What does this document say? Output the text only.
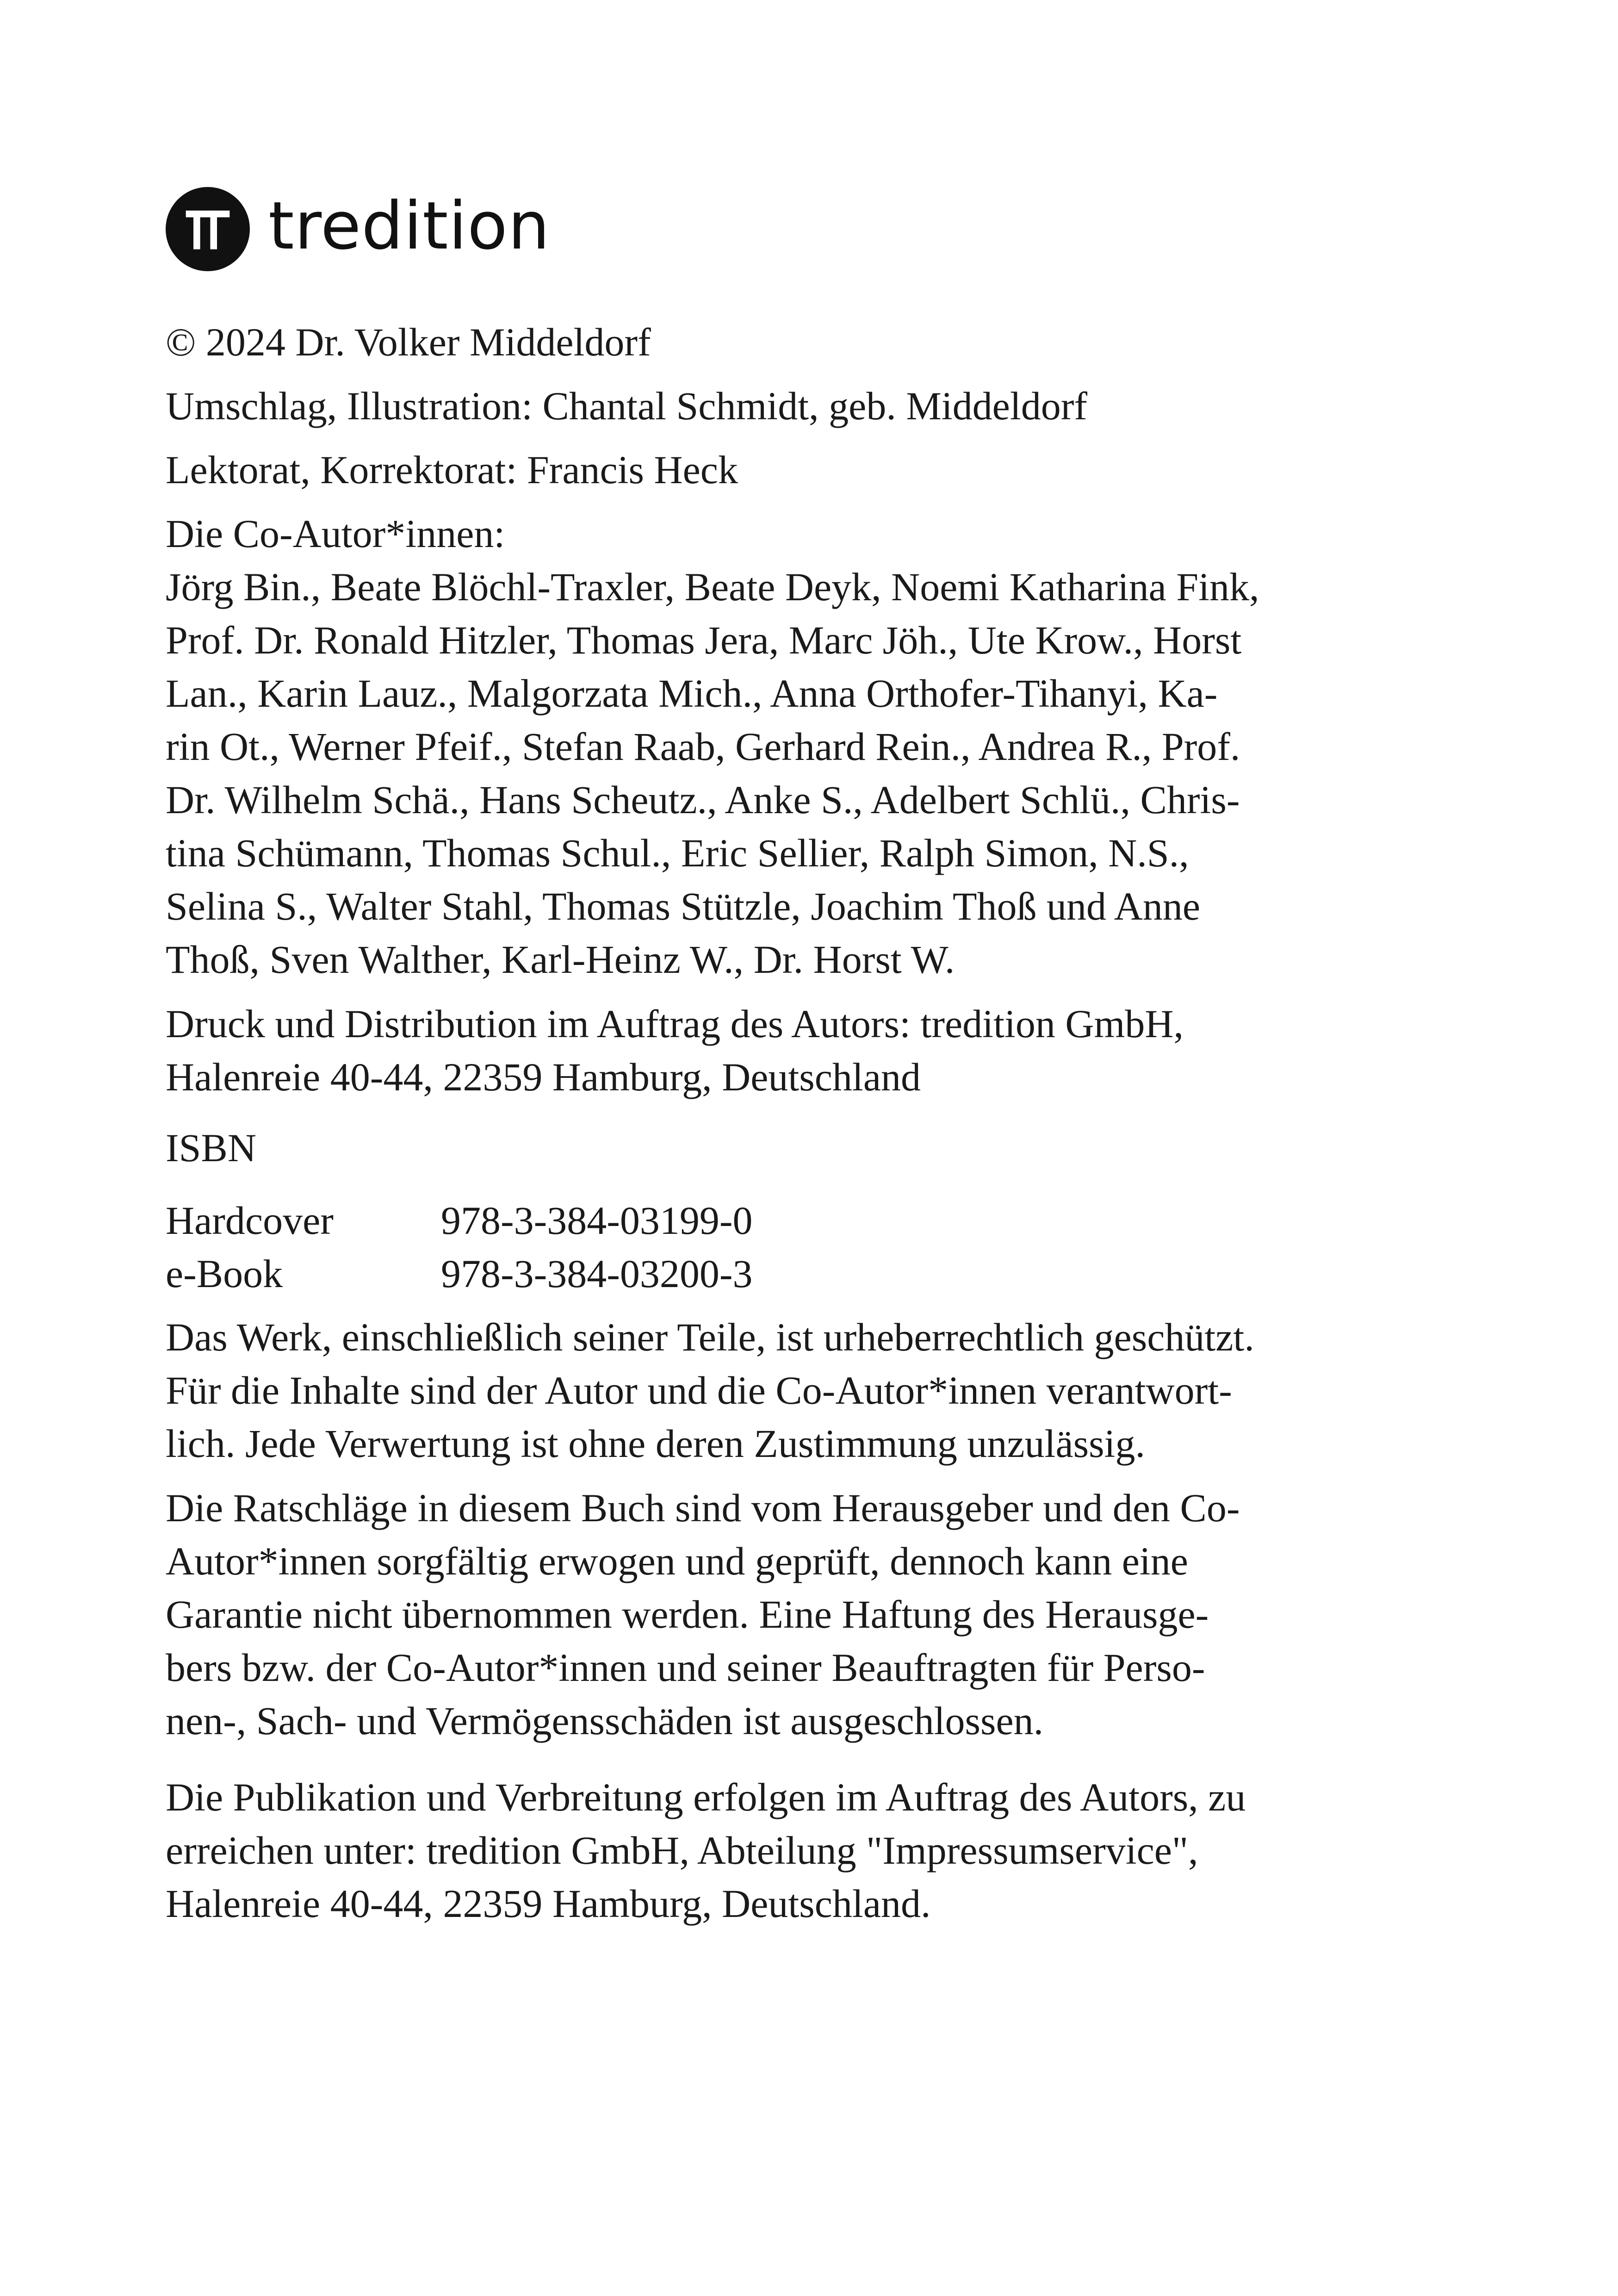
tredition

© 2024 Dr. Volker Middeldorf

Umschlag, Illustration: Chantal Schmidt, geb. Middeldorf

Lektorat, Korrektorat: Francis Heck

Die Co-Autor*innen:
Jörg Bin., Beate Blöchl-Traxler, Beate Deyk, Noemi Katharina Fink,
Prof. Dr. Ronald Hitzler, Thomas Jera, Marc Jöh., Ute Krow., Horst
Lan., Karin Lauz., Malgorzata Mich., Anna Orthofer-Tihanyi, Ka-
rin Ot., Werner Pfeif., Stefan Raab, Gerhard Rein., Andrea R., Prof.
Dr. Wilhelm Schä., Hans Scheutz., Anke S., Adelbert Schlü., Chris-
tina Schümann, Thomas Schul., Eric Sellier, Ralph Simon, N.S.,
Selina S., Walter Stahl, Thomas Stützle, Joachim Thoß und Anne
Thoß, Sven Walther, Karl-Heinz W., Dr. Horst W.
Druck und Distribution im Auftrag des Autors: tredition GmbH,
Halenreie 40-44, 22359 Hamburg, Deutschland
ISBN
Hardcover	978-3-384-03199-0
e-Book	978-3-384-03200-3
Das Werk, einschließlich seiner Teile, ist urheberrechtlich geschützt.
Für die Inhalte sind der Autor und die Co-Autor*innen verantwort-
lich. Jede Verwertung ist ohne deren Zustimmung unzulässig.
Die Ratschläge in diesem Buch sind vom Herausgeber und den Co-
Autor*innen sorgfältig erwogen und geprüft, dennoch kann eine
Garantie nicht übernommen werden. Eine Haftung des Herausge-
bers bzw. der Co-Autor*innen und seiner Beauftragten für Perso-
nen-, Sach- und Vermögensschäden ist ausgeschlossen.
Die Publikation und Verbreitung erfolgen im Auftrag des Autors, zu
erreichen unter: tredition GmbH, Abteilung "Impressumservice",
Halenreie 40-44, 22359 Hamburg, Deutschland.
